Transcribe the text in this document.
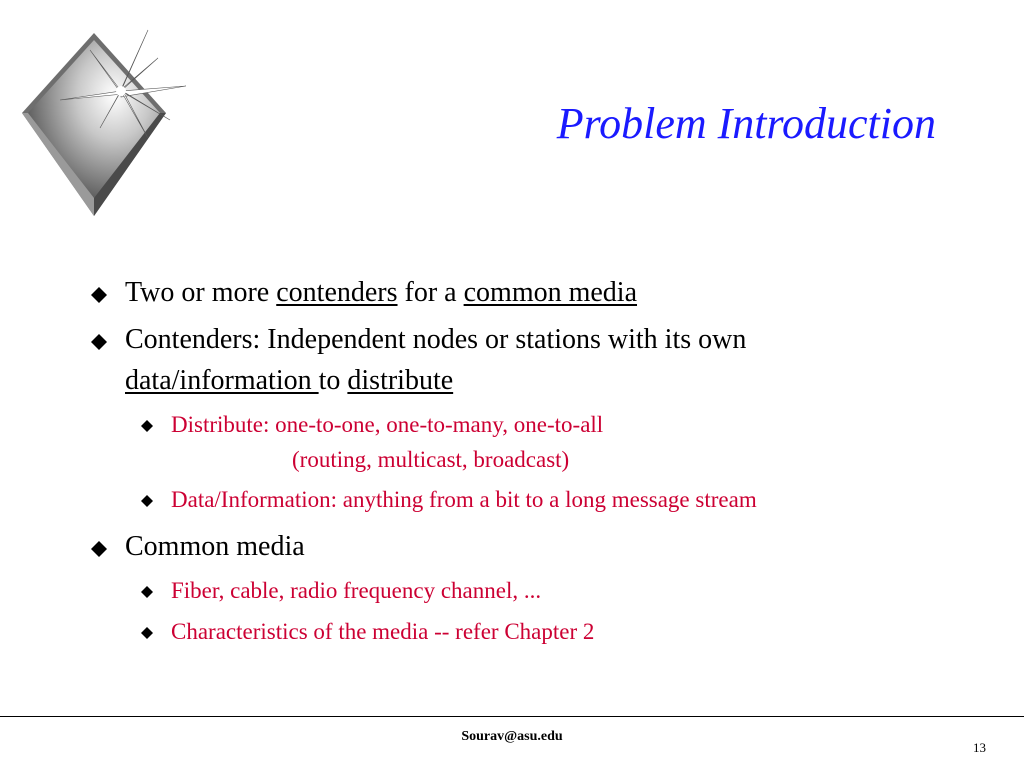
Problem Introduction
Two or more contenders for a common media
Contenders: Independent nodes or stations with its own
data/information to distribute
Distribute: one-to-one, one-to-many, one-to-all
(routing, multicast, broadcast)
Data/Information: anything from a bit to a long message stream
Common media
Fiber, cable, radio frequency channel, ...
Characteristics of the media -- refer Chapter 2
Sourav@asu.edu
13
